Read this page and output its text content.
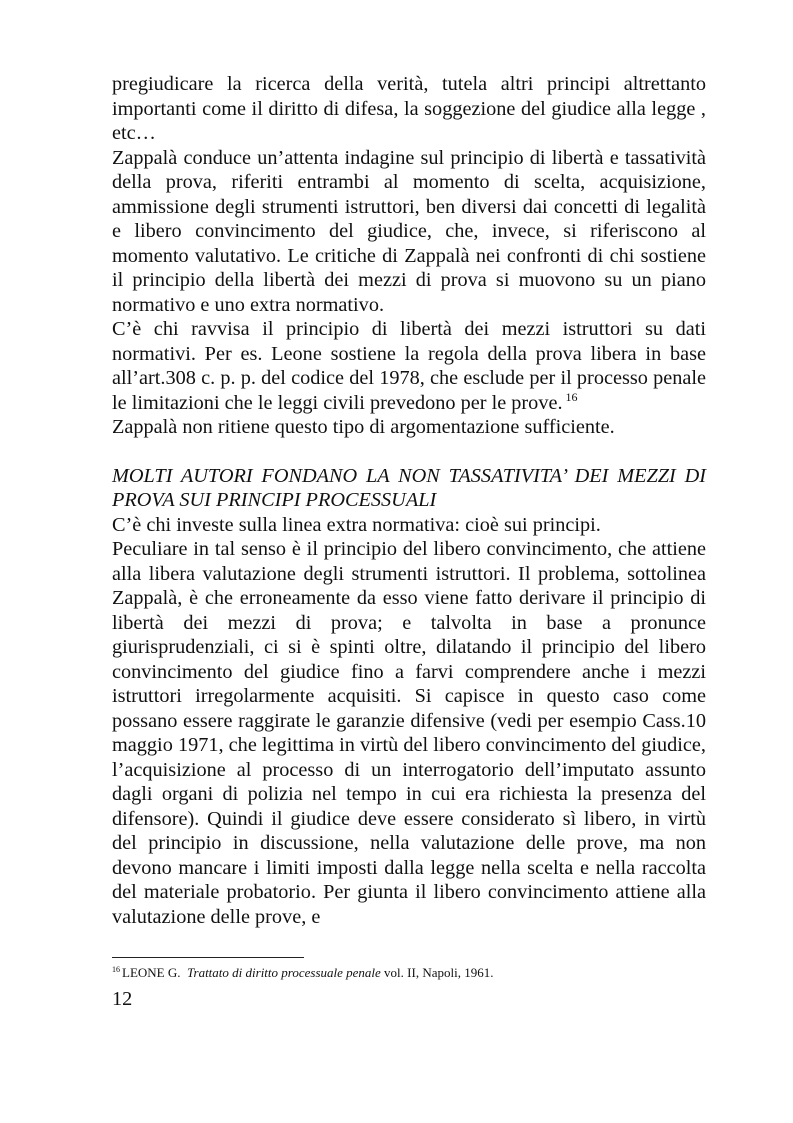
pregiudicare la ricerca della verità, tutela altri principi altrettanto importanti come il diritto di difesa, la soggezione del giudice alla legge , etc…

Zappalà conduce un’attenta indagine sul principio di libertà e tassatività della prova, riferiti entrambi al momento di scelta, acquisizione, ammissione degli strumenti istruttori, ben diversi dai concetti di legalità e libero convincimento del giudice, che, invece, si riferiscono al momento valutativo. Le critiche di Zappalà nei confronti di chi sostiene il principio della libertà dei mezzi di prova si muovono su un piano normativo e uno extra normativo.

C’è chi ravvisa il principio di libertà dei mezzi istruttori su dati normativi. Per es. Leone sostiene la regola della prova libera in base all’art.308 c. p. p. del codice del 1978, che esclude per il processo penale le limitazioni che le leggi civili prevedono per le prove. $^{16}$

Zappalà non ritiene questo tipo di argomentazione sufficiente.

MOLTI AUTORI FONDANO LA NON TASSATIVITA’ DEI MEZZI DI PROVA SUI PRINCIPI PROCESSUALI

C’è chi investe sulla linea extra normativa: cioè sui principi.

Peculiare in tal senso è il principio del libero convincimento, che attiene alla libera valutazione degli strumenti istruttori. Il problema, sottolinea Zappalà, è che erroneamente da esso viene fatto derivare il principio di libertà dei mezzi di prova; e talvolta in base a pronunce giurisprudenziali, ci si è spinti oltre, dilatando il principio del libero convincimento del giudice fino a farvi comprendere anche i mezzi istruttori irregolarmente acquisiti. Si capisce in questo caso come possano essere raggirate le garanzie difensive (vedi per esempio Cass.10 maggio 1971, che legittima in virtù del libero convincimento del giudice, l’acquisizione al processo di un interrogatorio dell’imputato assunto dagli organi di polizia nel tempo in cui era richiesta la presenza del difensore). Quindi il giudice deve essere considerato sì libero, in virtù del principio in discussione, nella valutazione delle prove, ma non devono mancare i limiti imposti dalla legge nella scelta e nella raccolta del materiale probatorio. Per giunta il libero convincimento attiene alla valutazione delle prove, e

$^{16}$ LEONE G. Trattato di diritto processuale penale vol. II, Napoli, 1961.
12
